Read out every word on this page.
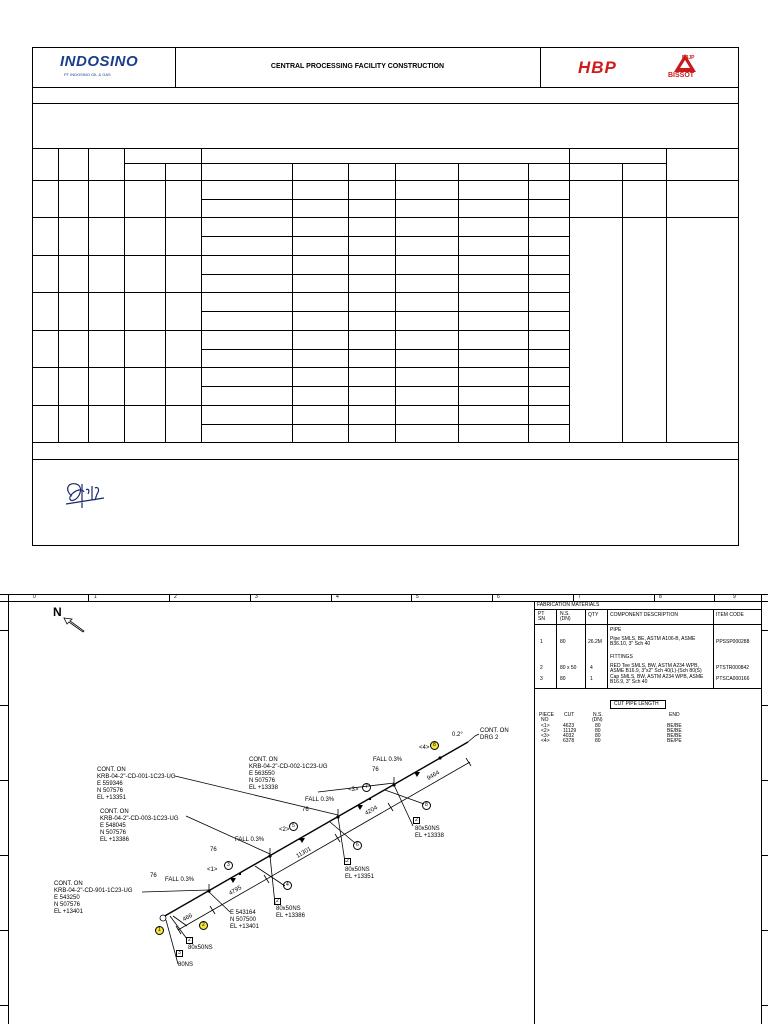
INDOSINO
PT INDOSINO OIL & GAS
CENTRAL PROCESSING FACILITY CONSTRUCTION	HBP	B3JP
BISSOT
0	1	2	3	4	5	6	7	8	9
N	FABRICATION MATERIALS
PT
SN
N.S.
(DN)
QTY COMPONENT DESCRIPTION	ITEM CODE
PIPE
1	80	26.2M Pipe SMLS, BE, ASTM A106-B, ASME
B36.10, 3" Sch 40	PPSSP000288
FITTINGS
2	80 x 50	4	RED Tee SMLS, BW, ASTM A234 WPB,
ASME B16.9, 3"x2" Sch 40(L)-(Sch 80(S)	PTSTR000842
3	80	1	Cap SMLS, BW, ASTM A234 WPB, ASME
B16.9, 3" Sch 40	PTSCA000166
CUT PIPE LENGTH
PIECE
NO
CUT	N.S.
(DN)
END
<1>	4623	80	BE/BE
<2>	11129	80	BE/BE
<3>	4032	80	BE/BE
<4>	6378	80	BE/PE
1
2
3
4
5
6
7
8
8
2
2
2
2
3
0.2°
CONT. ON
DRG 2
CONT. ON
KRB-04-2"-CD-001-1C23-UG
E 559346
N 507576
EL +13351
CONT. ON
KRB-04-2"-CD-002-1C23-UG
E 563550
N 507576
EL +13338
CONT. ON
KRB-04-2"-CD-003-1C23-UG
E 548045
N 507576
EL +13386
CONT. ON
KRB-04-2"-CD-901-1C23-UG
E 543250
N 507576
EL +13401	E 543164
N 507500
EL +13401
FALL 0.3%
FALL 0.3%
FALL 0.3%
FALL 0.3%
76
76
76
76
<4>
<3>
<2>
<1>
9464
4204
11301
4795
466
80x50NS
EL +13338
80x50NS
EL +13351
80x50NS
EL +13386
80x50NS
80NS
